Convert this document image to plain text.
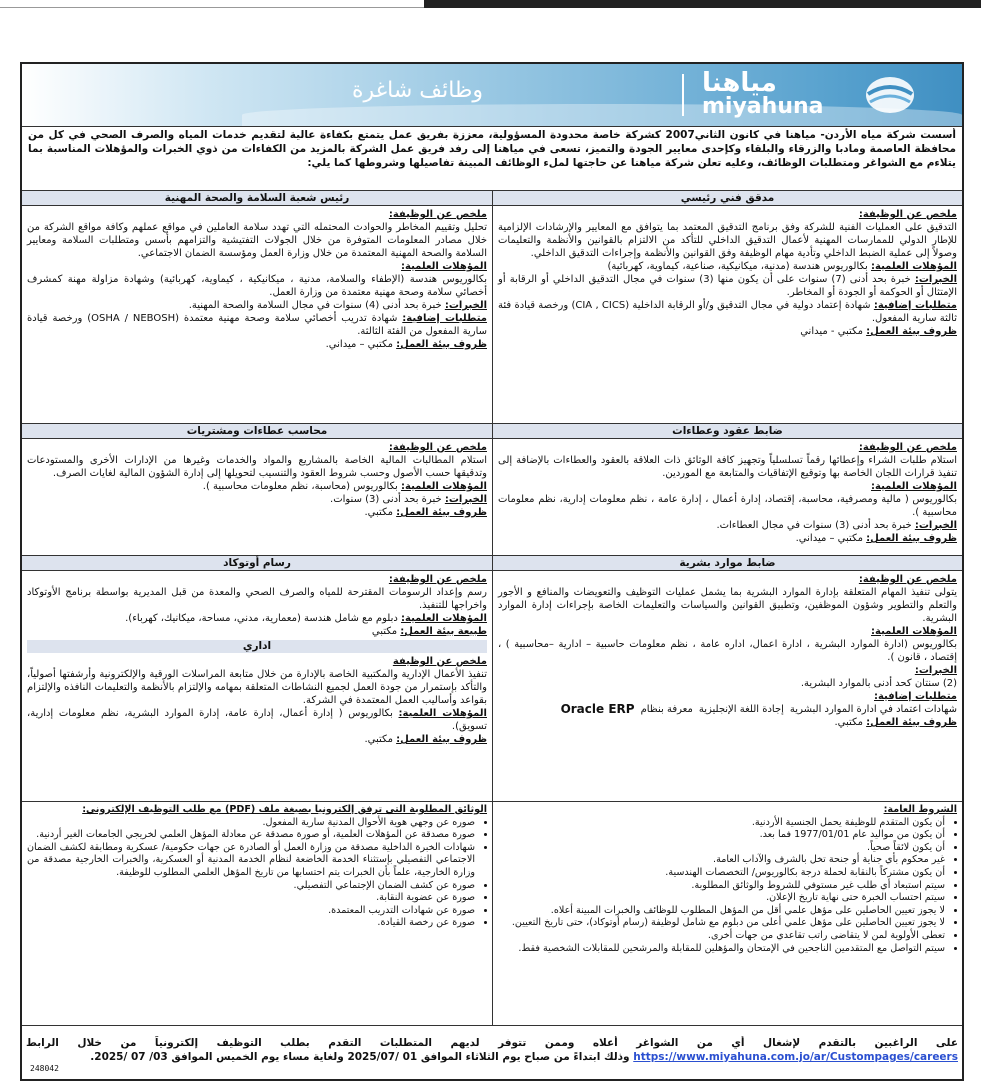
وظائف شاغرة	مياهنا
miyahuna
أسست شركة مياه الأردن- مياهنا في كانون الثاني2007 كشركة خاصة محدودة المسؤولية، معززة بفريق عمل يتمتع بكفاءة عالية لتقديم خدمات المياه والصرف الصحي في كل من محافظة العاصمة ومادبا والزرقاء والبلقاء وكإحدى معايير الجودة والتميز، تسعى في مياهنا إلى رفد فريق عمل الشركة بالمزيد من الكفاءات من ذوي الخبرات والمؤهلات المناسبة بما يتلاءم مع الشواغر ومتطلبات الوظائف، وعليه تعلن شركة مياهنا عن حاجتها لملء الوظائف المبينة تفاصيلها وشروطها كما يلي:
مدقق فني رئيسي

ملخص عن الوظيفة:

التدقيق على العمليات الفنية للشركة وفق برنامج التدقيق المعتمد بما يتوافق مع المعايير والإرشادات الإلزامية للإطار الدولي للممارسات المهنية لأعمال التدقيق الداخلي للتأكد من الالتزام بالقوانين والأنظمة والتعليمات وصولاً إلى عملية الضبط الداخلي وتأدية مهام الوظيفة وفق القوانين والأنظمة وإجراءات التدقيق الداخلي.

المؤهلات العلمية: بكالوريوس هندسة (مدنية، ميكانيكية، صناعية، كيماوية، كهربائية)

الخبرات: خبرة بحد أدنى (7) سنوات على أن يكون منها (3) سنوات في مجال التدقيق الداخلي أو الرقابة أو الإمتثال أو الحوكمة أو الجودة أو المخاطر.

متطلبات إضافية: شهادة إعتماد دولية في مجال التدقيق و/أو الرقابة الداخلية (CIA , CICS) ورخصة قيادة فئة ثالثة سارية المفعول.

ظروف بيئة العمل: مكتبي - ميداني

رئيس شعبة السلامة والصحة المهنية

ملخص عن الوظيفة:

تحليل وتقييم المخاطر والحوادث المحتمله التي تهدد سلامة العاملين في مواقع عملهم وكافة مواقع الشركة من خلال مصادر المعلومات المتوفرة من خلال الجولات التفتيشية والتزامهم بأسس ومتطلبات السلامة ومعايير السلامة والصحة المهنية المعتمدة من خلال وزارة العمل ومؤسسة الضمان الاجتماعي.

المؤهلات العلمية:

بكالوريوس هندسة (الإطفاء والسلامة، مدنية ، ميكانيكية ، كيماوية، كهربائية) وشهادة مزاولة مهنة كمشرف أخصائي سلامة وصحة مهنية معتمدة من وزارة العمل.

الخبرات: خبرة بحد أدنى (4) سنوات في مجال السلامة والصحة المهنية.

متطلبات إضافية: شهادة تدريب أخصائي سلامة وصحة مهنية معتمدة (OSHA / NEBOSH) ورخصة قيادة سارية المفعول من الفئة الثالثة.

ظروف بيئة العمل: مكتبي – ميداني.

ضابط عقود وعطاءات

ملخص عن الوظيفة:

استلام طلبات الشراء وإعطائها رقماً تسلسلياً وتجهيز كافة الوثائق ذات العلاقة بالعقود والعطاءات بالإضافة إلى تنفيذ قرارات اللجان الخاصة بها وتوقيع الإتفاقيات والمتابعة مع الموردين.

المؤهلات العلمية:

بكالوريوس ( مالية ومصرفية، محاسبة، إقتصاد، إدارة أعمال ، إدارة عامة ، نظم معلومات إدارية، نظم معلومات محاسبية ).

الخبرات: خبرة بحد أدنى (3) سنوات في مجال العطاءات.

ظروف بيئة العمل: مكتبي – ميداني.

محاسب عطاءات ومشتريات

ملخص عن الوظيفة:

استلام المطالبات المالية الخاصة بالمشاريع والمواد والخدمات وغيرها من الإدارات الأخرى والمستودعات وتدقيقها حسب الأصول وحسب شروط العقود والتنسيب لتحويلها إلى إدارة الشؤون المالية لغايات الصرف.

المؤهلات العلمية: بكالوريوس (محاسبة، نظم معلومات محاسبية ).

الخبرات: خبرة بحد أدنى (3) سنوات.

ظروف بيئة العمل: مكتبي.

ضابط موارد بشرية

ملخص عن الوظيفة:

يتولى تنفيذ المهام المتعلقة بإدارة الموارد البشرية بما يشمل عمليات التوظيف والتعويضات والمنافع و الأجور والتعلم والتطوير وشؤون الموظفين، وتطبيق القوانين والسياسات والتعليمات الخاصة بإجراءات إدارة الموارد البشرية.

المؤهلات العلمية:

بكالوريوس (ادارة الموارد البشرية ، ادارة اعمال، اداره عامة ، نظم معلومات حاسبية – ادارية –محاسبية ) ، إقتصاد ، قانون ).

الخبرات:

(2) سنتان كحد أدنى بالموارد البشرية.

متطلبات إضافية:

شهادات اعتماد في ادارة الموارد البشرية
إجادة اللغة الإنجليزية
معرفة بنظام
Oracle ERP

ظروف بيئة العمل: مكتبي.

رسام أوتوكاد

ملخص عن الوظيفة:

رسم وإعداد الرسومات المقترحة للمياه والصرف الصحي والمعدة من قبل المديرية بواسطة برنامج الأوتوكاد واخراجها للتنفيذ.

المؤهلات العلمية: دبلوم مع شامل هندسة (معمارية، مدني، مساحة، ميكانيك، كهرباء).

طبيعة بيئة العمل: مكتبي

اداري

ملخص عن الوظيفة

تنفيذ الأعمال الإدارية والمكتبية الخاصة بالإدارة من خلال متابعة المراسلات الورقية والإلكترونية وأرشفتها أصولياً، والتأكد بإستمرار من جودة العمل لجميع النشاطات المتعلقة بمهامه والإلتزام بالأنظمة والتعليمات النافذه والإلتزام بقواعد وأساليب العمل المعتمدة في الشركة.

المؤهلات العلمية: بكالوريوس ( إدارة أعمال، إدارة عامة، إدارة الموارد البشرية، نظم معلومات إدارية، تسويق).

ظروف بيئة العمل: مكتبي.

الشروط العامة:

• أن يكون المتقدم للوظيفة يحمل الجنسية الأردنية.
• أن يكون من مواليد عام 1977/01/01 فما بعد.
• أن يكون لائقاً صحياً.
• غير محكوم بأي جناية أو جنحة تخل بالشرف والآداب العامة.
• أن يكون مشتركاً بالنقابة لحملة درجة بكالوريوس/ التخصصات الهندسية.
• سيتم استبعاد أي طلب غير مستوفي للشروط والوثائق المطلوبة.
• سيتم احتساب الخبرة حتى نهاية تاريخ الإعلان.
• لا يجوز تعيين الحاصلين على مؤهل علمي أقل من المؤهل المطلوب للوظائف والخبرات المبينة أعلاه.
• لا يجوز تعيين الحاصلين على مؤهل علمي أعلى من دبلوم مع شامل لوظيفة (رسام أوتوكاد)، حتى تاريخ التعيين.
• تعطى الأولوية لمن لا يتقاضى راتب تقاعدي من جهات أخرى.
• سيتم التواصل مع المتقدمين الناجحين في الإمتحان والمؤهلين للمقابلة والمرشحين للمقابلات الشخصية فقط.

الوثائق المطلوبة التي ترفق إلكترونيا بصيغة ملف (PDF) مع طلب التوظيف الإلكتروني:

• صوره عن وجهي هوية الأحوال المدنية سارية المفعول.
• صورة مصدقة عن المؤهلات العلمية، أو صورة مصدقة عن معادلة المؤهل العلمي لخريجي الجامعات الغير أردنية.
• شهادات الخبرة الداخلية مصدقة من وزارة العمل أو الصادرة عن جهات حكومية/ عسكرية ومطابقة لكشف الضمان الاجتماعي التفصيلي بإستثناء الخدمة الخاضعة لنظام الخدمة المدنية أو العسكرية، والخبرات الخارجية مصدقة من وزارة الخارجية، علماً بأن الخبرات يتم احتسابها من تاريخ المؤهل العلمي المطلوب للوظيفة.
• صورة عن كشف الضمان الإجتماعي التفصيلي.
• صورة عن عضوية النقابة.
• صورة عن شهادات التدريب المعتمدة.
• صورة عن رخصة القيادة.
على الراغبين بالتقدم لإشغال أي من الشواغر أعلاه وممن تتوفر لديهم المتطلبات التقدم بطلب التوظيف إلكترونياً من خلال الرابط https://www.miyahuna.com.jo/ar/Custompages/careers وذلك ابتداءً من صباح يوم الثلاثاء الموافق 01 /2025/07 ولغاية مساء يوم الخميس الموافق 03/ 07 /2025.
248042
